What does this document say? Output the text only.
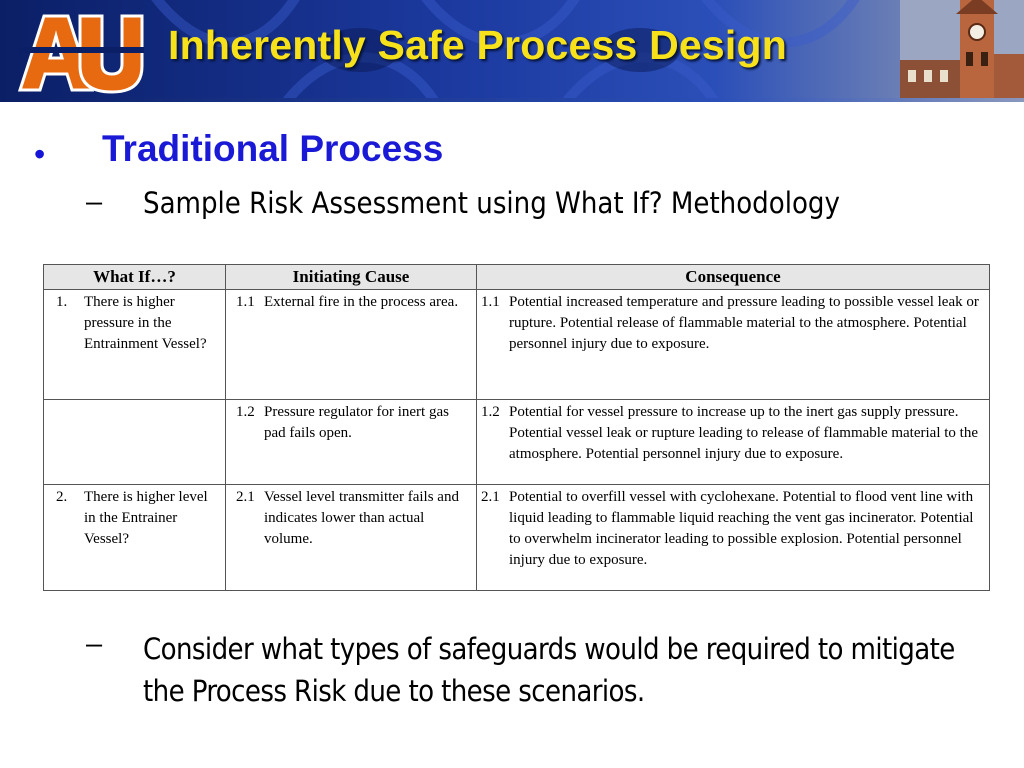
Inherently Safe Process Design
• Traditional Process
– Sample Risk Assessment using What If? Methodology
What If…?	Initiating Cause	Consequence

1. There is higher pressure in the Entrainment Vessel?	1.1 External fire in the process area.	1.1 Potential increased temperature and pressure leading to possible vessel leak or rupture. Potential release of flammable material to the atmosphere. Potential personnel injury due to exposure.

	1.2 Pressure regulator for inert gas pad fails open.	1.2 Potential for vessel pressure to increase up to the inert gas supply pressure. Potential vessel leak or rupture leading to release of flammable material to the atmosphere. Potential personnel injury due to exposure.

2. There is higher level in the Entrainer Vessel?	2.1 Vessel level transmitter fails and indicates lower than actual volume.	2.1 Potential to overfill vessel with cyclohexane. Potential to flood vent line with liquid leading to flammable liquid reaching the vent gas incinerator. Potential to overwhelm incinerator leading to possible explosion. Potential personnel injury due to exposure.
– Consider what types of safeguards would be required to mitigate the Process Risk due to these scenarios.
